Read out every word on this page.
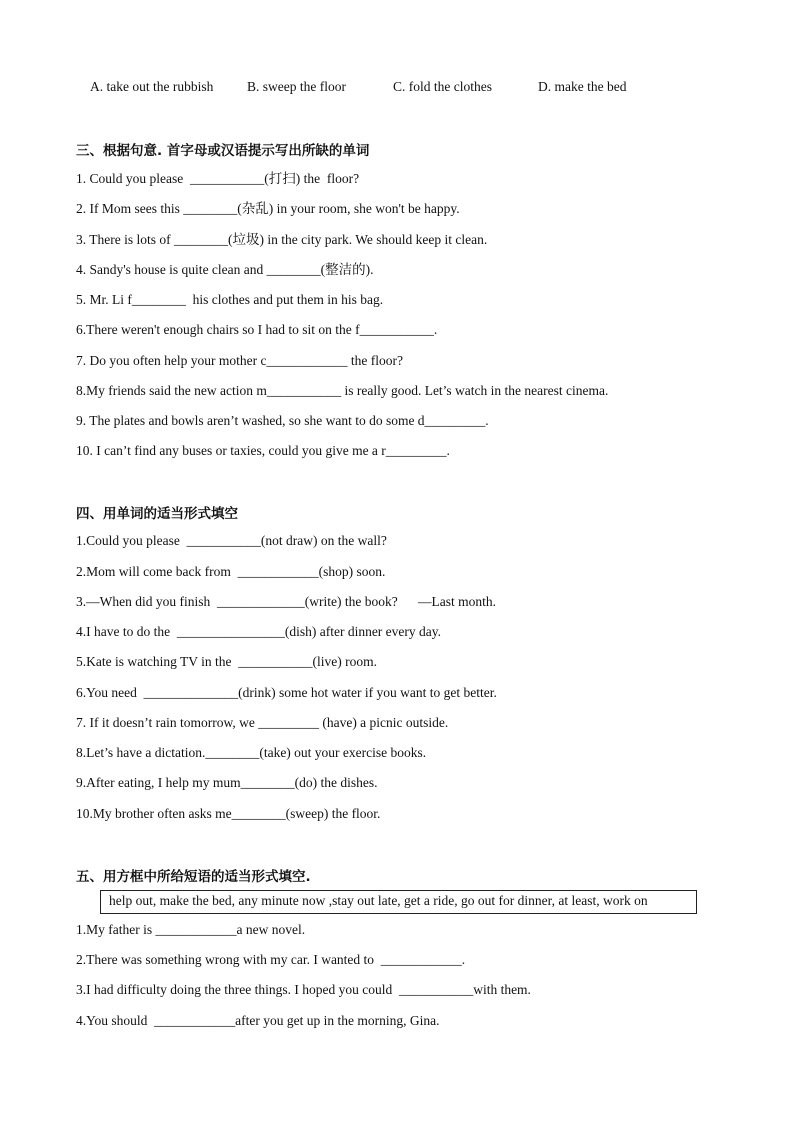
A. take out the rubbish B. sweep the floor	C. fold the clothes	D. make the bed
三、根据句意. 首字母或汉语提示写出所缺的单词
1. Could you please  ___________(打扫) the  floor?
2. If Mom sees this ________(杂乱) in your room, she won't be happy.
3. There is lots of ________(垃圾) in the city park. We should keep it clean.
4. Sandy's house is quite clean and ________(整洁的).
5. Mr. Li f________  his clothes and put them in his bag.
6.There weren't enough chairs so I had to sit on the f___________.
7. Do you often help your mother c____________ the floor?
8.My friends said the new action m___________ is really good. Let’s watch in the nearest cinema.
9. The plates and bowls aren’t washed, so she want to do some d_________.
10. I can’t find any buses or taxies, could you give me a r_________.
四、用单词的适当形式填空
1.Could you please  ___________(not draw) on the wall?
2.Mom will come back from  ____________(shop) soon.
3.—When did you finish  _____________(write) the book?      —Last month.
4.I have to do the  ________________(dish) after dinner every day.
5.Kate is watching TV in the  ___________(live) room.
6.You need  ______________(drink) some hot water if you want to get better.
7. If it doesn’t rain tomorrow, we _________ (have) a picnic outside.
8.Let’s have a dictation.________(take) out your exercise books.
9.After eating, I help my mum________(do) the dishes.
10.My brother often asks me________(sweep) the floor.
五、用方框中所给短语的适当形式填空.
help out, make the bed, any minute now ,stay out late, get a ride, go out for dinner, at least, work on
1.My father is ____________a new novel.
2.There was something wrong with my car. I wanted to  ____________.
3.I had difficulty doing the three things. I hoped you could  ___________with them.
4.You should  ____________after you get up in the morning, Gina.
